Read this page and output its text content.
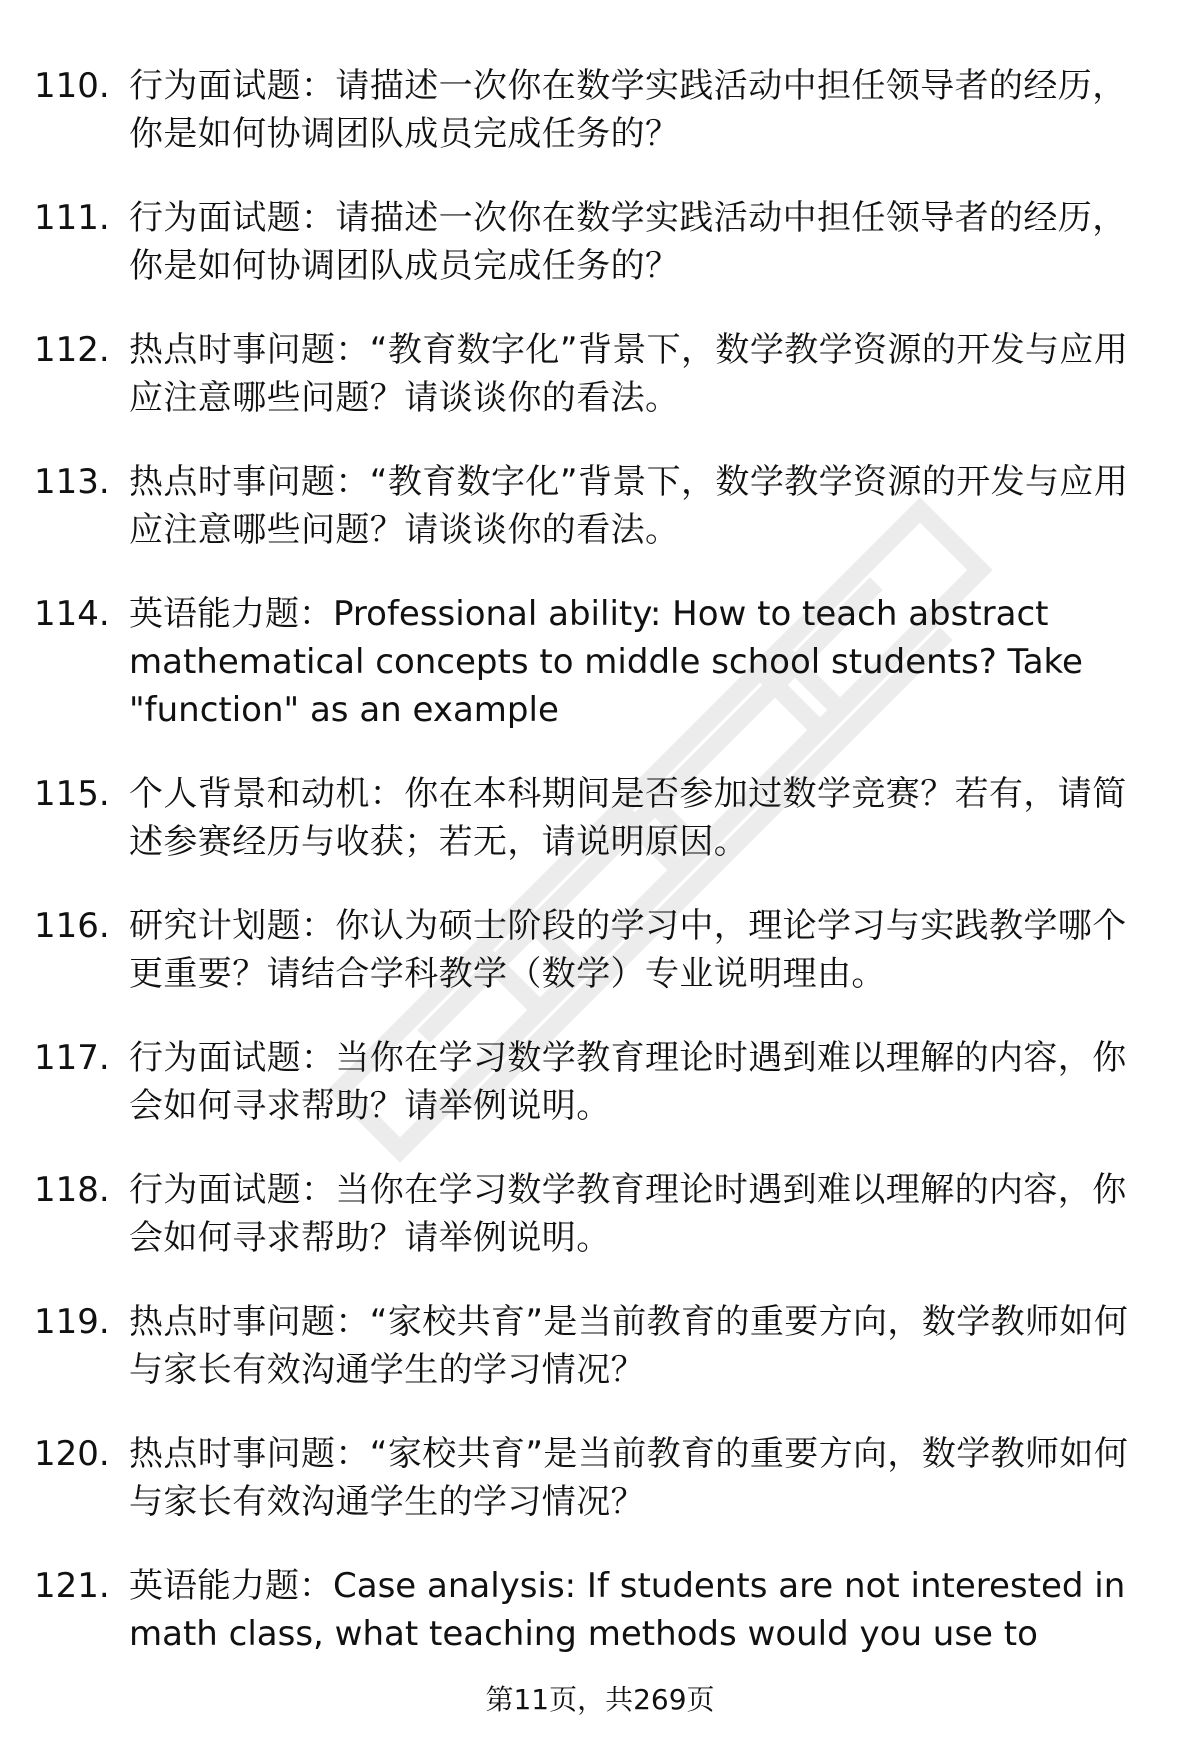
110. 行为面试题：请描述一次你在数学实践活动中担任领导者的经历，你是如何协调团队成员完成任务的？
111. 行为面试题：请描述一次你在数学实践活动中担任领导者的经历，你是如何协调团队成员完成任务的？
112. 热点时事问题：“教育数字化”背景下，数学教学资源的开发与应用应注意哪些问题？请谈谈你的看法。
113. 热点时事问题：“教育数字化”背景下，数学教学资源的开发与应用应注意哪些问题？请谈谈你的看法。
114. 英语能力题：Professional ability: How to teach abstract mathematical concepts to middle school students? Take "function" as an example
115. 个人背景和动机：你在本科期间是否参加过数学竞赛？若有，请简述参赛经历与收获；若无，请说明原因。
116. 研究计划题：你认为硕士阶段的学习中，理论学习与实践教学哪个更重要？请结合学科教学（数学）专业说明理由。
117. 行为面试题：当你在学习数学教育理论时遇到难以理解的内容，你会如何寻求帮助？请举例说明。
118. 行为面试题：当你在学习数学教育理论时遇到难以理解的内容，你会如何寻求帮助？请举例说明。
119. 热点时事问题：“家校共育”是当前教育的重要方向，数学教师如何与家长有效沟通学生的学习情况？
120. 热点时事问题：“家校共育”是当前教育的重要方向，数学教师如何与家长有效沟通学生的学习情况？
121. 英语能力题：Case analysis: If students are not interested in math class, what teaching methods would you use to
第11页，共269页
